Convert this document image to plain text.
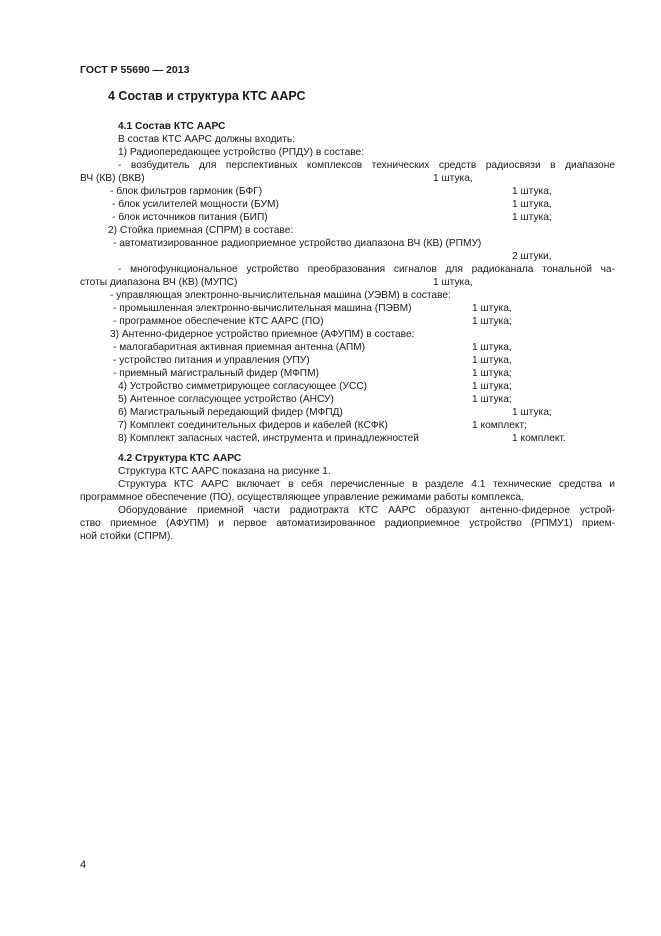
ГОСТ Р 55690 — 2013
4 Состав и структура КТС ААРС
4.1 Состав КТС ААРС
В состав КТС ААРС должны входить:
1) Радиопередающее устройство (РПДУ) в составе:
- возбудитель для перспективных комплексов технических средств радиосвязи в диапазоне
ВЧ (КВ) (ВКВ)	1 штука,
- блок фильтров гармоник (БФГ)	1 штука,
- блок усилителей мощности (БУМ)	1 штука,
- блок источников питания (БИП)	1 штука;
2) Стойка приемная (СПРМ) в составе:
- автоматизированное радиоприемное устройство диапазона ВЧ (КВ) (РПМУ)
2 штуки,
- многофункциональное устройство преобразования сигналов для радиоканала тональной ча-
стоты диапазона ВЧ (КВ) (МУПС)	1 штука,
- управляющая электронно-вычислительная машина (УЭВМ) в составе:
- промышленная электронно-вычислительная машина (ПЭВМ)	1 штука,
- программное обеспечение КТС ААРС (ПО)	1 штука;
3) Антенно-фидерное устройство приемное (АФУПМ) в составе:
- малогабаритная активная приемная антенна (АПМ)	1 штука,
- устройство питания и управления (УПУ)	1 штука,
- приемный магистральный фидер (МФПМ)	1 штука;
4) Устройство симметрирующее согласующее (УСС)	1 штука;
5) Антенное согласующее устройство (АНСУ)	1 штука;
6) Магистральный передающий фидер (МФПД)	1 штука;
7) Комплект соединительных фидеров и кабелей (КСФК)	1 комплект;
8) Комплект запасных частей, инструмента и принадлежностей	1 комплект.
4.2 Структура КТС ААРС
Структура КТС ААРС показана на рисунке 1.
Структура КТС ААРС включает в себя перечисленные в разделе 4.1 технические средства и
программное обеспечение (ПО), осуществляющее управление режимами работы комплекса.
Оборудование приемной части радиотракта КТС ААРС образуют антенно-фидерное устрой-
ство приемное (АФУПМ) и первое автоматизированное радиоприемное устройство (РПМУ1) прием-
ной стойки (СПРМ).
4
